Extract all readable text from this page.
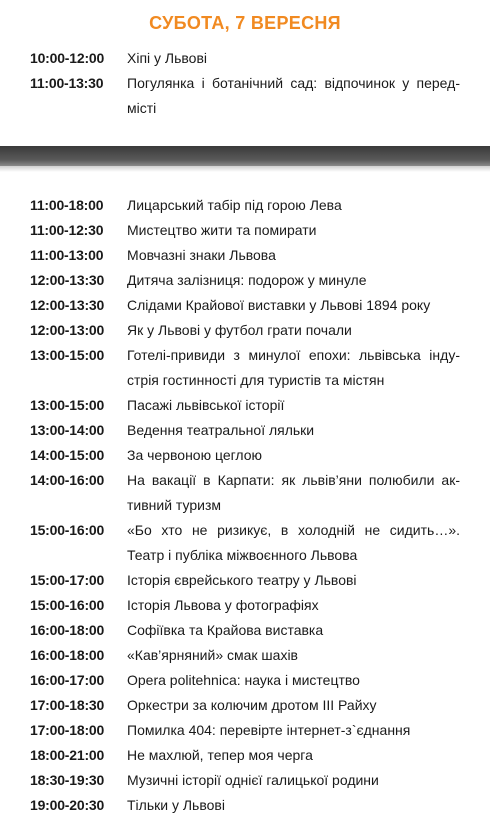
СУБОТА, 7 ВЕРЕСНЯ
10:00-12:00	Хіпі у Львові
11:00-13:30	Погулянка і ботанічний сад: відпочинок у перед-місті
11:00-18:00	Лицарський табір під горою Лева
11:00-12:30	Мистецтво жити та помирати
11:00-13:00	Мовчазні знаки Львова
12:00-13:30	Дитяча залізниця: подорож у минуле
12:00-13:30	Слідами Крайової виставки у Львові 1894 року
12:00-13:00	Як у Львові у футбол грати почали
13:00-15:00	Готелі-привиди з минулої епохи: львівська індустрія гостинності для туристів та містян
13:00-15:00	Пасажі львівської історії
13:00-14:00	Ведення театральної ляльки
14:00-15:00	За червоною цеглою
14:00-16:00	На вакації в Карпати: як львів’яни полюбили активний туризм
15:00-16:00	«Бо хто не ризикує, в холодній не сидить…». Театр і публіка міжвоєнного Львова
15:00-17:00	Історія єврейського театру у Львові
15:00-16:00	Історія Львова у фотографіях
16:00-18:00	Софіївка та Крайова виставка
16:00-18:00	«Кав’ярняний» смак шахів
16:00-17:00	Opera politehnica: наука і мистецтво
17:00-18:30	Оркестри за колючим дротом ІІІ Райху
17:00-18:00	Помилка 404: перевірте інтернет-з`єднання
18:00-21:00	Не махлюй, тепер моя черга
18:30-19:30	Музичні історії однієї галицької родини
19:00-20:30	Тільки у Львові
